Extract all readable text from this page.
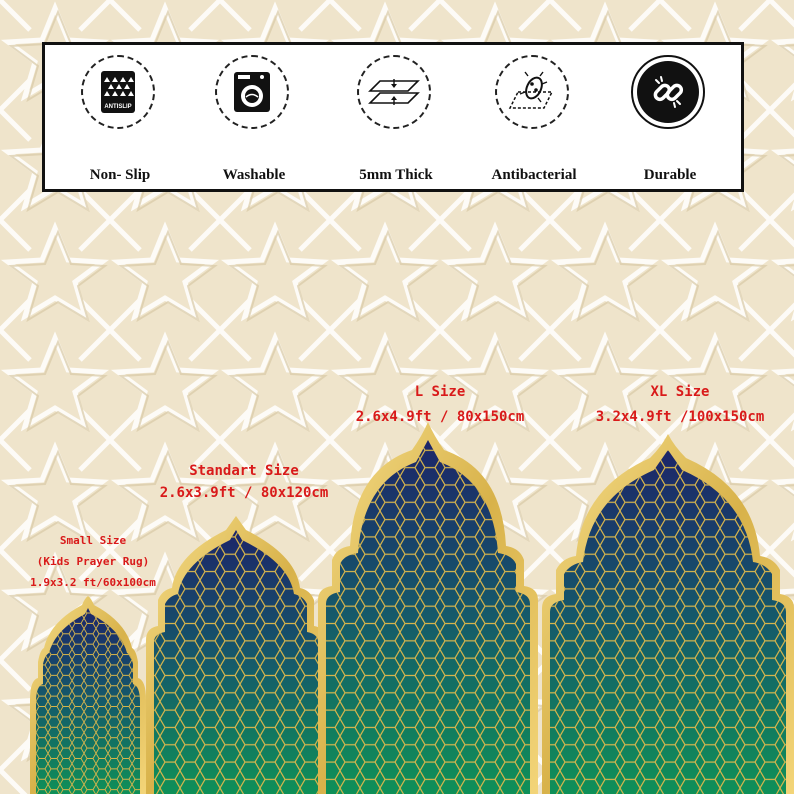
ANTISLIP
Non- Slip	Washable	5mm Thick	Antibacterial	Durable
Small Size
(Kids Prayer Rug)
1.9x3.2 ft/60x100cm
Standart Size
2.6x3.9ft / 80x120cm
L Size
2.6x4.9ft / 80x150cm
XL Size
3.2x4.9ft /100x150cm
